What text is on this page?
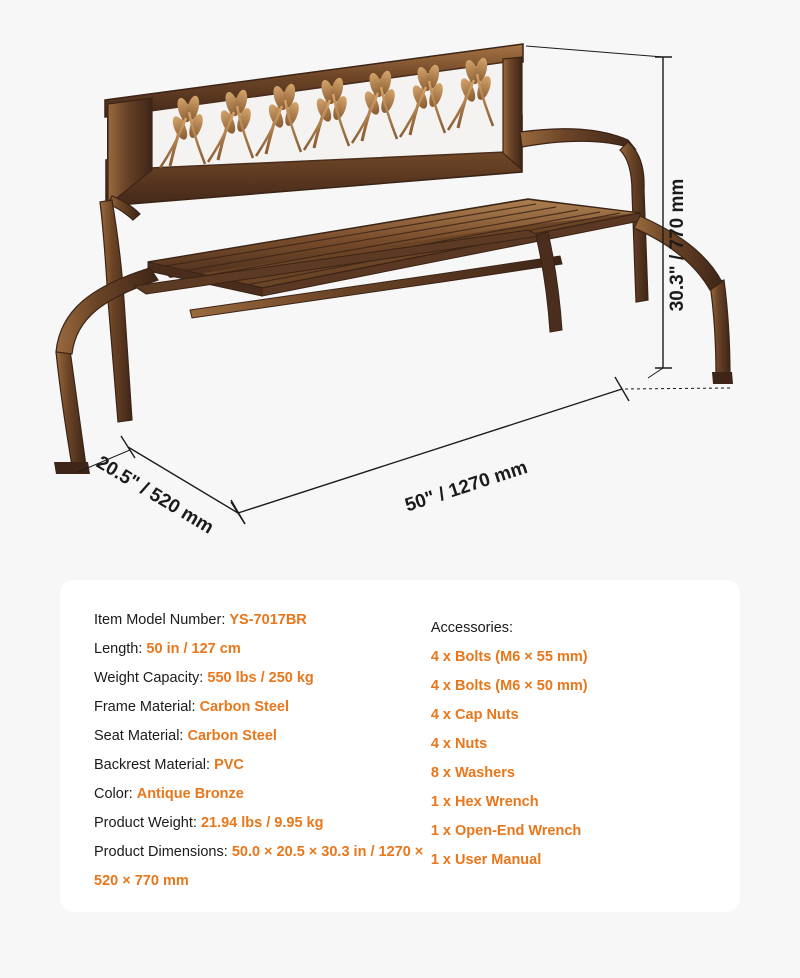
30.3" / 770 mm
50" / 1270 mm
20.5" / 520 mm
Item Model Number: YS-7017BR
Length: 50 in / 127 cm
Weight Capacity: 550 lbs / 250 kg
Frame Material: Carbon Steel
Seat Material: Carbon Steel
Backrest Material: PVC
Color: Antique Bronze
Product Weight: 21.94 lbs / 9.95 kg
Product Dimensions: 50.0 × 20.5 × 30.3 in / 1270 × 520 × 770 mm
Accessories:
4 x Bolts (M6 × 55 mm)
4 x Bolts (M6 × 50 mm)
4 x Cap Nuts
4 x Nuts
8 x Washers
1 x Hex Wrench
1 x Open-End Wrench
1 x User Manual
